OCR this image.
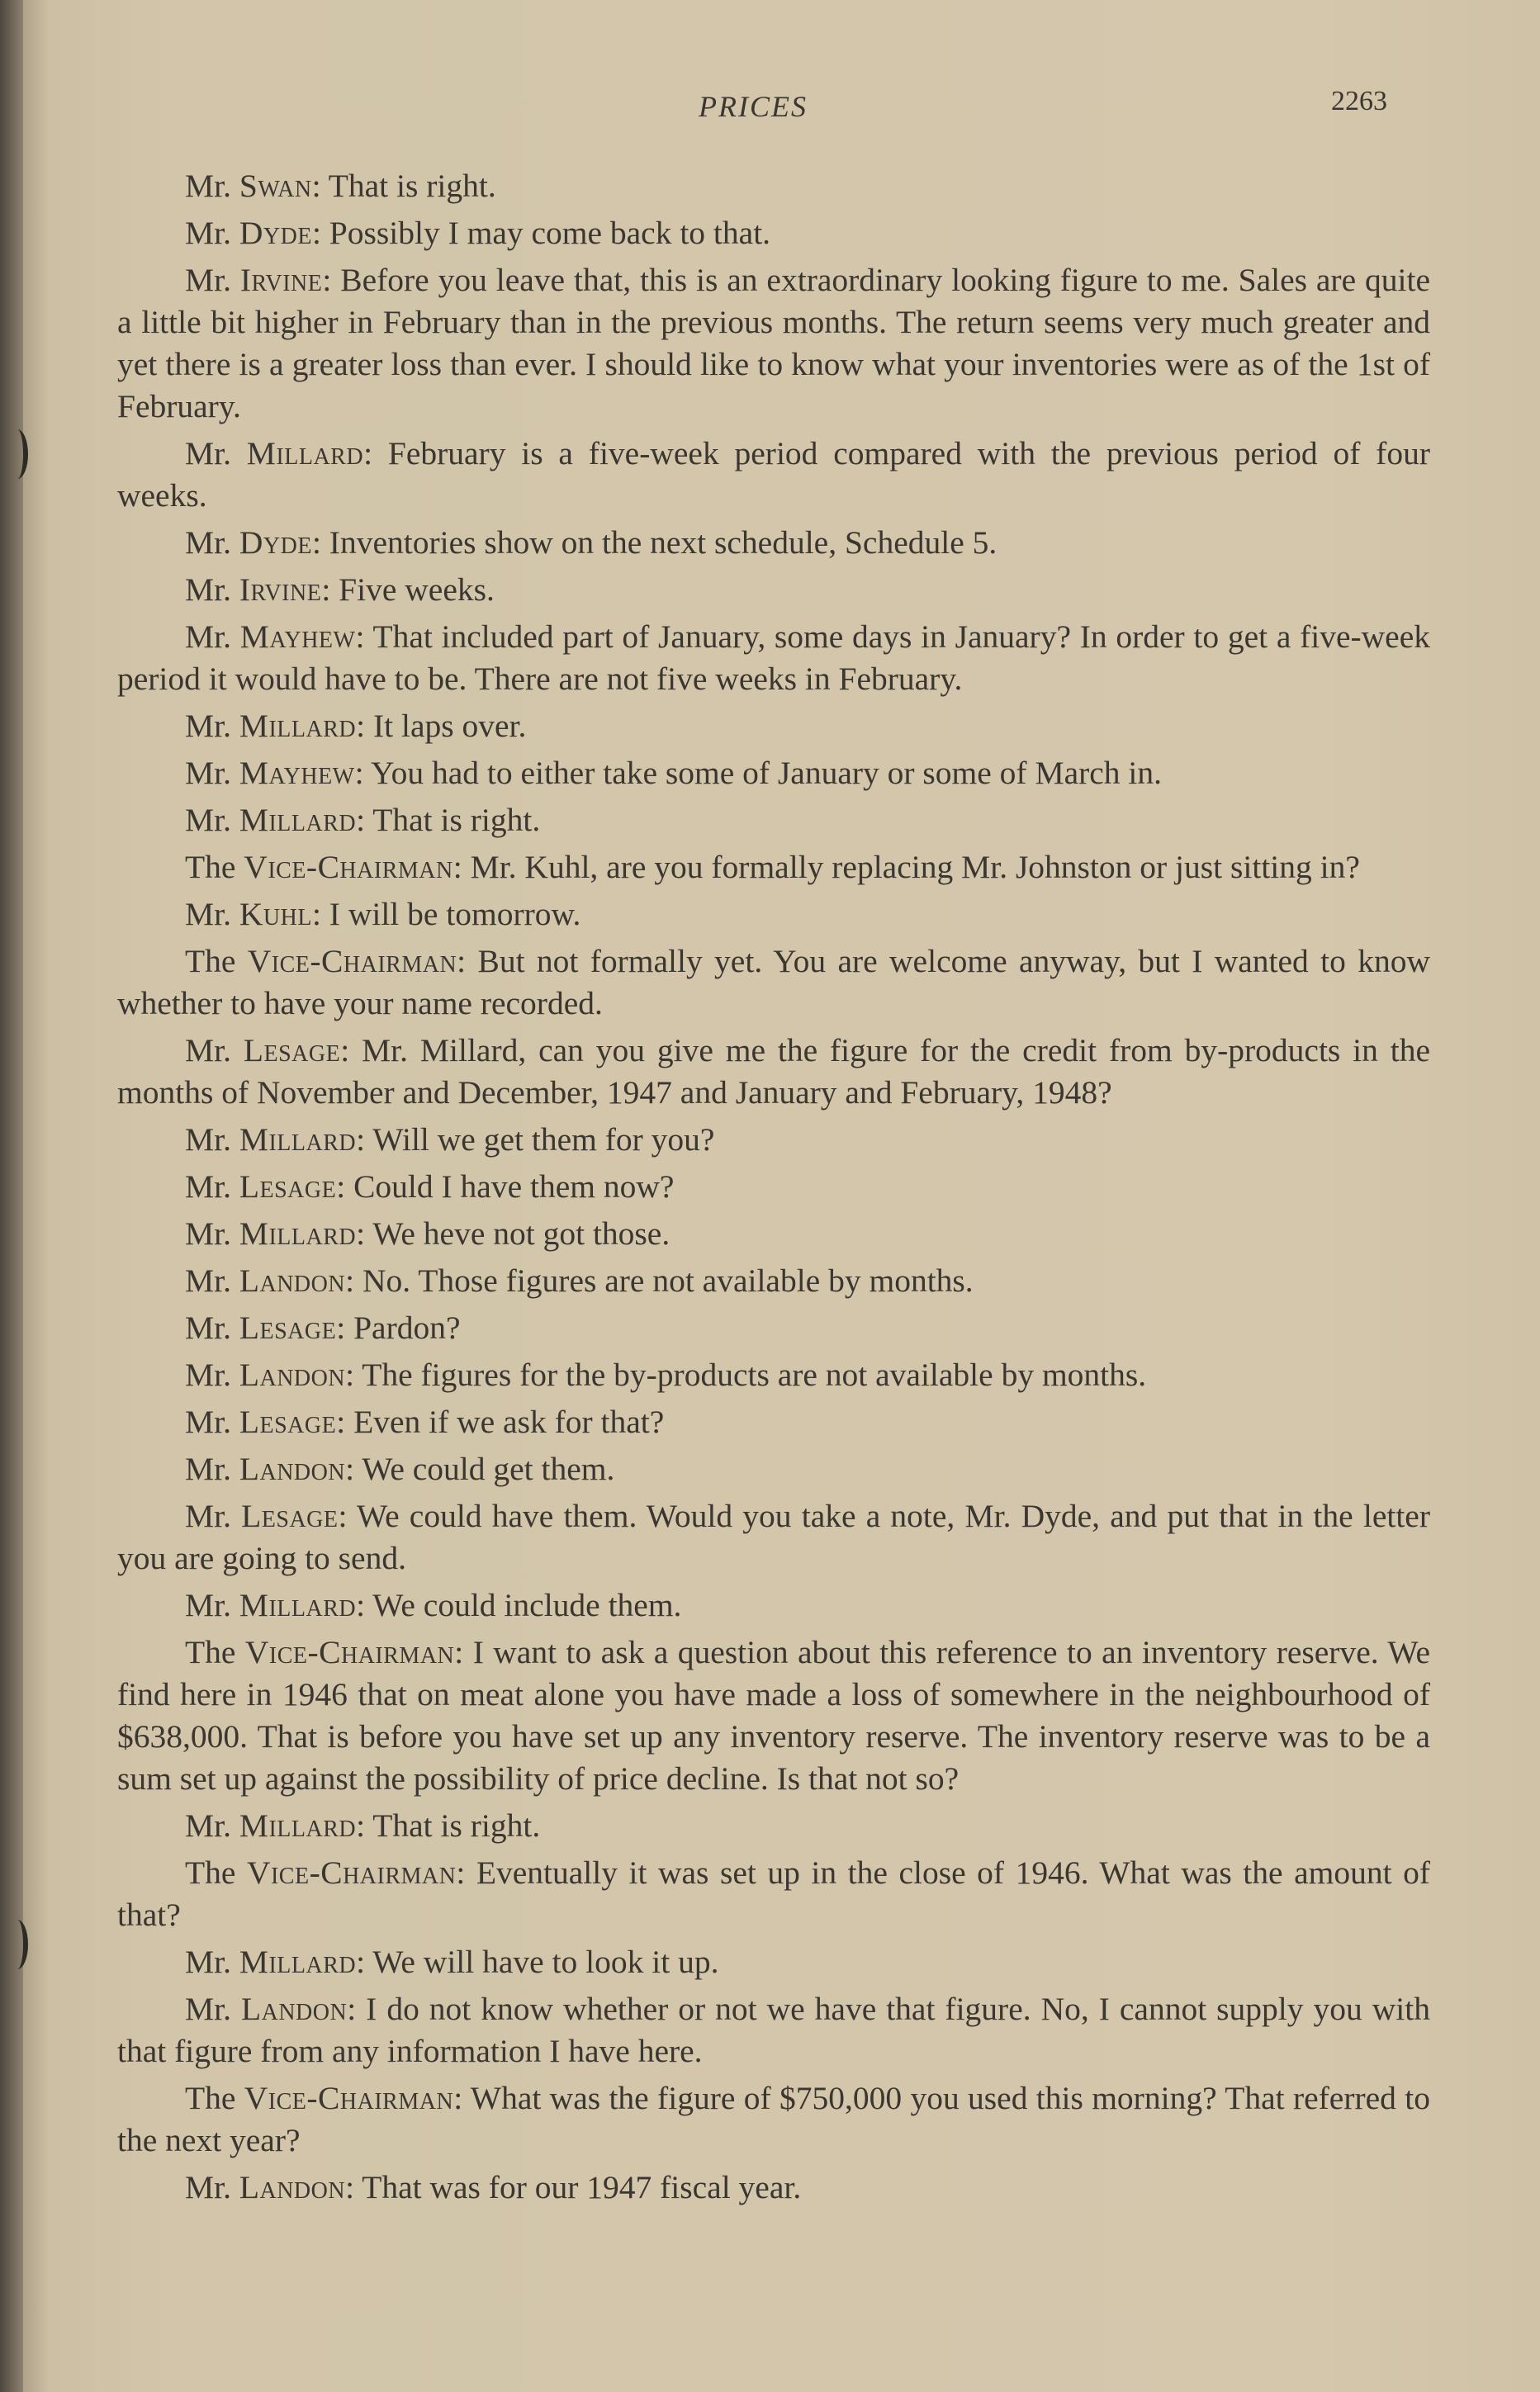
PRICES	2263

Mr. Swan: That is right.

Mr. Dyde: Possibly I may come back to that.

Mr. Irvine: Before you leave that, this is an extraordinary looking figure to me. Sales are quite a little bit higher in February than in the previous months. The return seems very much greater and yet there is a greater loss than ever. I should like to know what your inventories were as of the 1st of February.

Mr. Millard: February is a five-week period compared with the previous period of four weeks.

Mr. Dyde: Inventories show on the next schedule, Schedule 5.

Mr. Irvine: Five weeks.

Mr. Mayhew: That included part of January, some days in January? In order to get a five-week period it would have to be. There are not five weeks in February.

Mr. Millard: It laps over.

Mr. Mayhew: You had to either take some of January or some of March in.

Mr. Millard: That is right.

The Vice-Chairman: Mr. Kuhl, are you formally replacing Mr. Johnston or just sitting in?

Mr. Kuhl: I will be tomorrow.

The Vice-Chairman: But not formally yet. You are welcome anyway, but I wanted to know whether to have your name recorded.

Mr. Lesage: Mr. Millard, can you give me the figure for the credit from by-products in the months of November and December, 1947 and January and February, 1948?

Mr. Millard: Will we get them for you?

Mr. Lesage: Could I have them now?

Mr. Millard: We heve not got those.

Mr. Landon: No. Those figures are not available by months.

Mr. Lesage: Pardon?

Mr. Landon: The figures for the by-products are not available by months.

Mr. Lesage: Even if we ask for that?

Mr. Landon: We could get them.

Mr. Lesage: We could have them. Would you take a note, Mr. Dyde, and put that in the letter you are going to send.

Mr. Millard: We could include them.

The Vice-Chairman: I want to ask a question about this reference to an inventory reserve. We find here in 1946 that on meat alone you have made a loss of somewhere in the neighbourhood of $638,000. That is before you have set up any inventory reserve. The inventory reserve was to be a sum set up against the possibility of price decline. Is that not so?

Mr. Millard: That is right.

The Vice-Chairman: Eventually it was set up in the close of 1946. What was the amount of that?

Mr. Millard: We will have to look it up.

Mr. Landon: I do not know whether or not we have that figure. No, I cannot supply you with that figure from any information I have here.

The Vice-Chairman: What was the figure of $750,000 you used this morning? That referred to the next year?

Mr. Landon: That was for our 1947 fiscal year.
